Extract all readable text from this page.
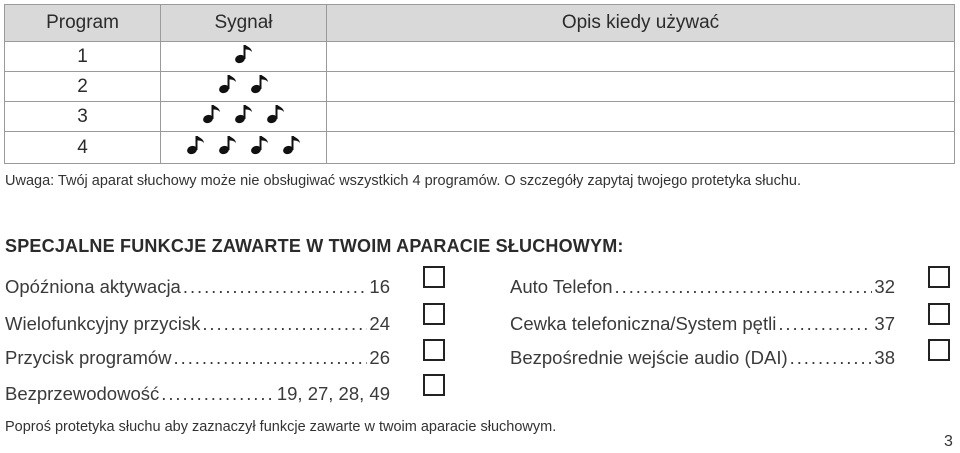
Program	Sygnał	Opis kiedy używać
1	

2	

3	

4	

Uwaga: Twój aparat słuchowy może nie obsługiwać wszystkich 4 programów. O szczegóły zapytaj twojego protetyka słuchu.
SPECJALNE FUNKCJE ZAWARTE W TWOIM APARACIE SŁUCHOWYM:
Opóźniona aktywacja . . .	16
Wielofunkcyjny przycisk . . .	24
Przycisk programów . . .	26
Bezprzewodowość . . .	19, 27, 28, 49
Auto Telefon . . .	32
Cewka telefoniczna/System pętli . . .	37
Bezpośrednie wejście audio (DAI) . . .	38
Poproś protetyka słuchu aby zaznaczył funkcje zawarte w twoim aparacie słuchowym.
3
